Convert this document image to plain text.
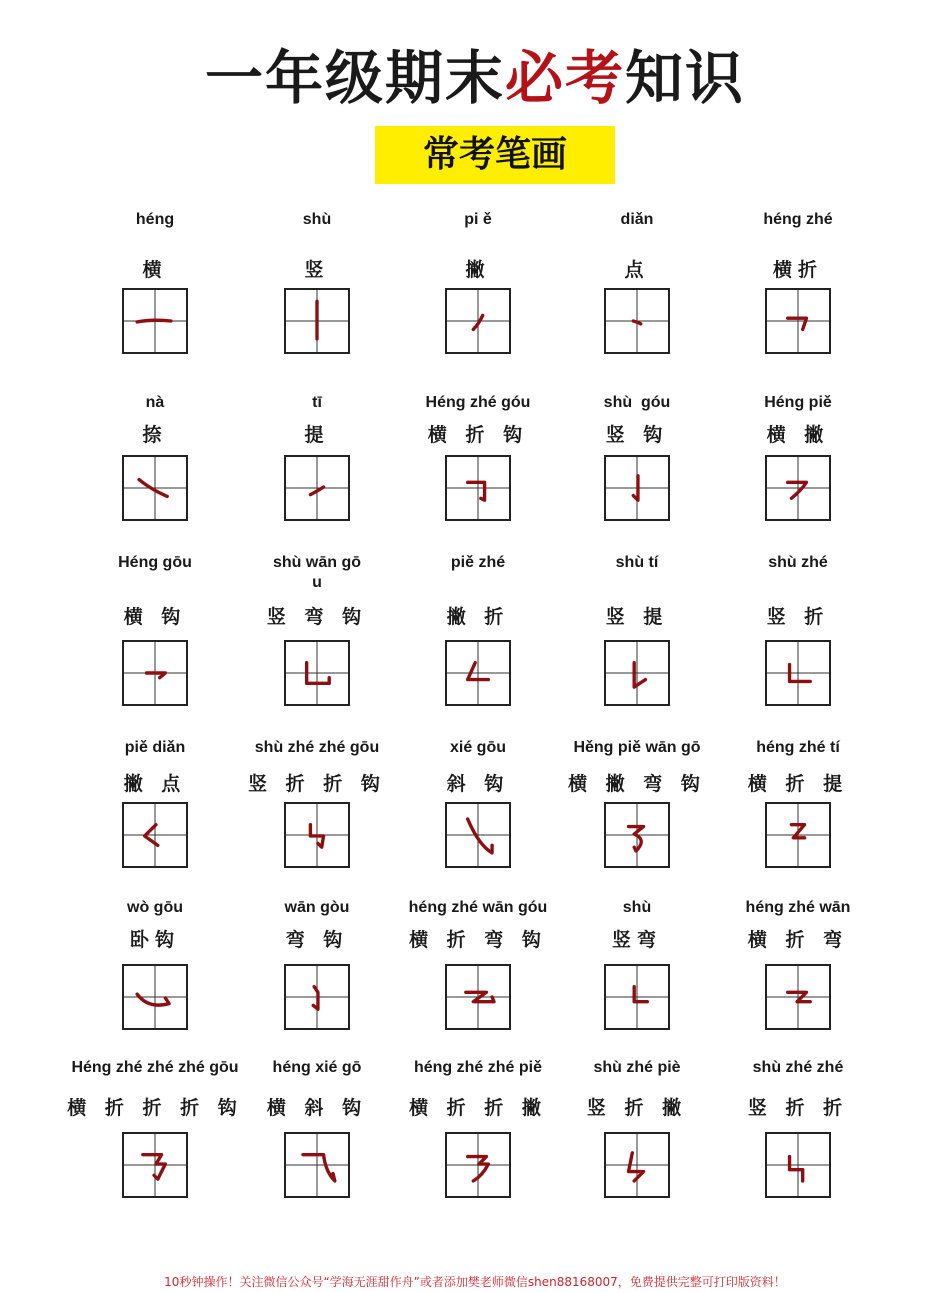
一年级期末必考知识
常考笔画
héng
横
shù
竖
pi ě
撇
diǎn
点
héng zhé
横折
nà
捺
tī
提
Héng zhé góu
横 折 钩
shù  góu
竖 钩
Héng piě
横 撇
Héng gōu
横 钩
shù wān gō
u
竖 弯 钩
piě zhé
撇 折
shù tí
竖 提
shù zhé
竖 折
piě diǎn
撇 点
shù zhé zhé gōu
竖 折 折 钩
xié gōu
斜 钩
Hěng piě wān gō
横 撇 弯 钩
héng zhé tí
横 折 提
wò gōu
卧钩
wān gòu
弯 钩
héng zhé wān góu
横 折 弯 钩
shù
竖弯
héng zhé wān
横 折 弯
Héng zhé zhé zhé gōu
横 折 折 折 钩
héng xié gō
横 斜 钩
héng zhé zhé piě
横 折 折 撇
shù zhé piè
竖 折 撇
shù zhé zhé
竖 折 折
10秒钟操作！关注微信公众号“学海无涯甜作舟”或者添加樊老师微信shen88168007，免费提供完整可打印版资料！
